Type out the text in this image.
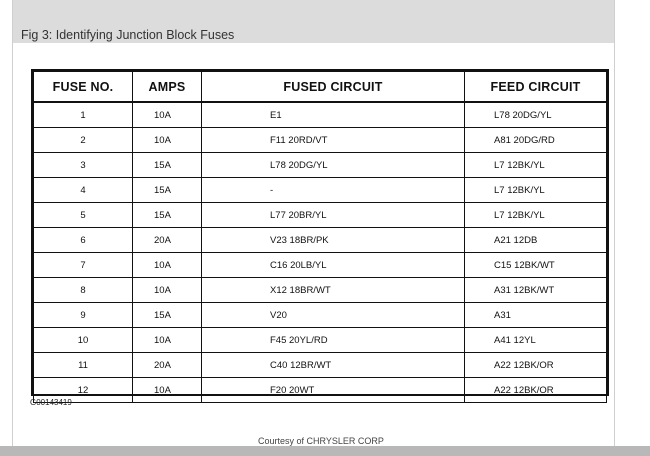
Fig 3: Identifying Junction Block Fuses
FUSE NO.	AMPS	FUSED CIRCUIT	FEED CIRCUIT
1	10A	E1	L78 20DG/YL
2	10A	F11 20RD/VT	A81 20DG/RD
3	15A	L78 20DG/YL	L7 12BK/YL
4	15A	-	L7 12BK/YL
5	15A	L77 20BR/YL	L7 12BK/YL
6	20A	V23 18BR/PK	A21 12DB
7	10A	C16 20LB/YL	C15 12BK/WT
8	10A	X12 18BR/WT	A31 12BK/WT
9	15A	V20	A31
10	10A	F45 20YL/RD	A41 12YL
11	20A	C40 12BR/WT	A22 12BK/OR
12	10A	F20 20WT	A22 12BK/OR
G00143419
Courtesy of CHRYSLER CORP
